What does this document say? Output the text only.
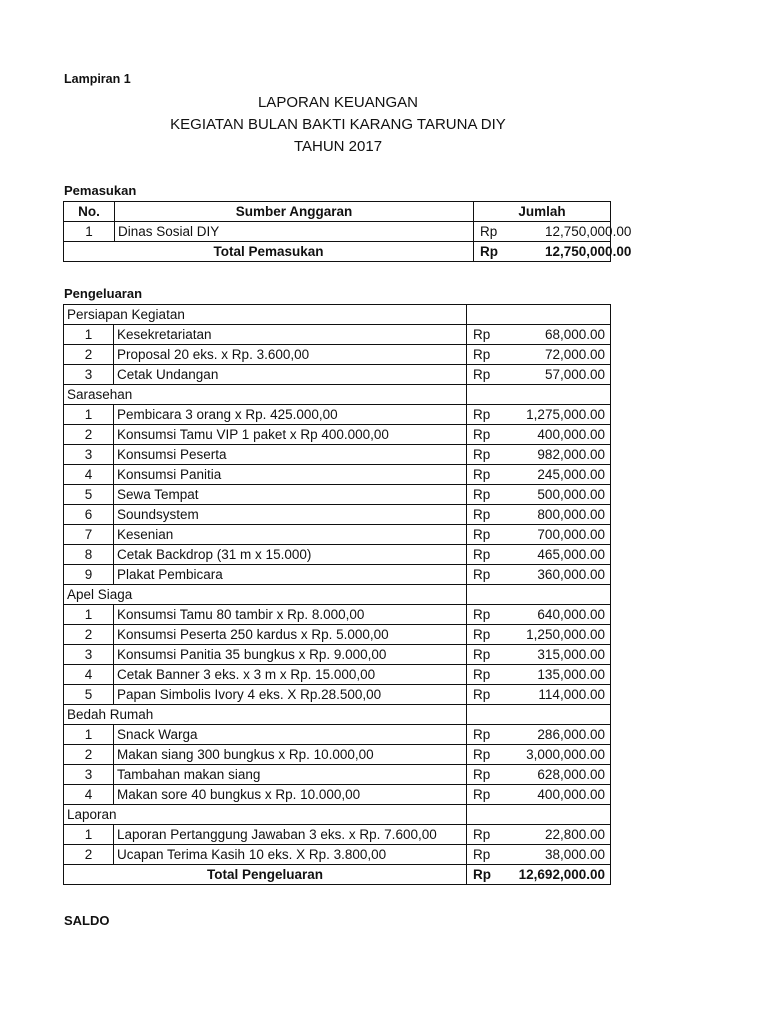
Lampiran 1
LAPORAN KEUANGAN
KEGIATAN BULAN BAKTI KARANG TARUNA DIY
TAHUN 2017
Pemasukan
No.	Sumber Anggaran	Jumlah	
1	Dinas Sosial DIY	Rp	12,750,000.00
Total Pemasukan		Rp	12,750,000.00
Pengeluaran
Persiapan Kegiatan			
1	Kesekretariatan	Rp	68,000.00
2	Proposal 20 eks. x Rp. 3.600,00	Rp	72,000.00
3	Cetak Undangan	Rp	57,000.00
Sarasehan			
1	Pembicara 3 orang x Rp. 425.000,00	Rp	1,275,000.00
2	Konsumsi Tamu VIP 1 paket x Rp 400.000,00	Rp	400,000.00
3	Konsumsi Peserta	Rp	982,000.00
4	Konsumsi Panitia	Rp	245,000.00
5	Sewa Tempat	Rp	500,000.00
6	Soundsystem	Rp	800,000.00
7	Kesenian	Rp	700,000.00
8	Cetak Backdrop (31 m x 15.000)	Rp	465,000.00
9	Plakat Pembicara	Rp	360,000.00
Apel Siaga			
1	Konsumsi Tamu 80 tambir x Rp. 8.000,00	Rp	640,000.00
2	Konsumsi Peserta 250 kardus x Rp. 5.000,00	Rp	1,250,000.00
3	Konsumsi Panitia 35 bungkus x Rp. 9.000,00	Rp	315,000.00
4	Cetak Banner 3 eks. x 3 m x Rp. 15.000,00	Rp	135,000.00
5	Papan Simbolis Ivory 4 eks. X Rp.28.500,00	Rp	114,000.00
Bedah Rumah			
1	Snack Warga	Rp	286,000.00
2	Makan siang 300 bungkus x Rp. 10.000,00	Rp	3,000,000.00
3	Tambahan makan siang	Rp	628,000.00
4	Makan sore 40 bungkus x Rp. 10.000,00	Rp	400,000.00
Laporan			
1	Laporan Pertanggung Jawaban 3 eks. x Rp. 7.600,00	Rp	22,800.00
2	Ucapan Terima Kasih 10 eks. X Rp. 3.800,00	Rp	38,000.00
Total Pengeluaran		Rp	12,692,000.00
SALDO
